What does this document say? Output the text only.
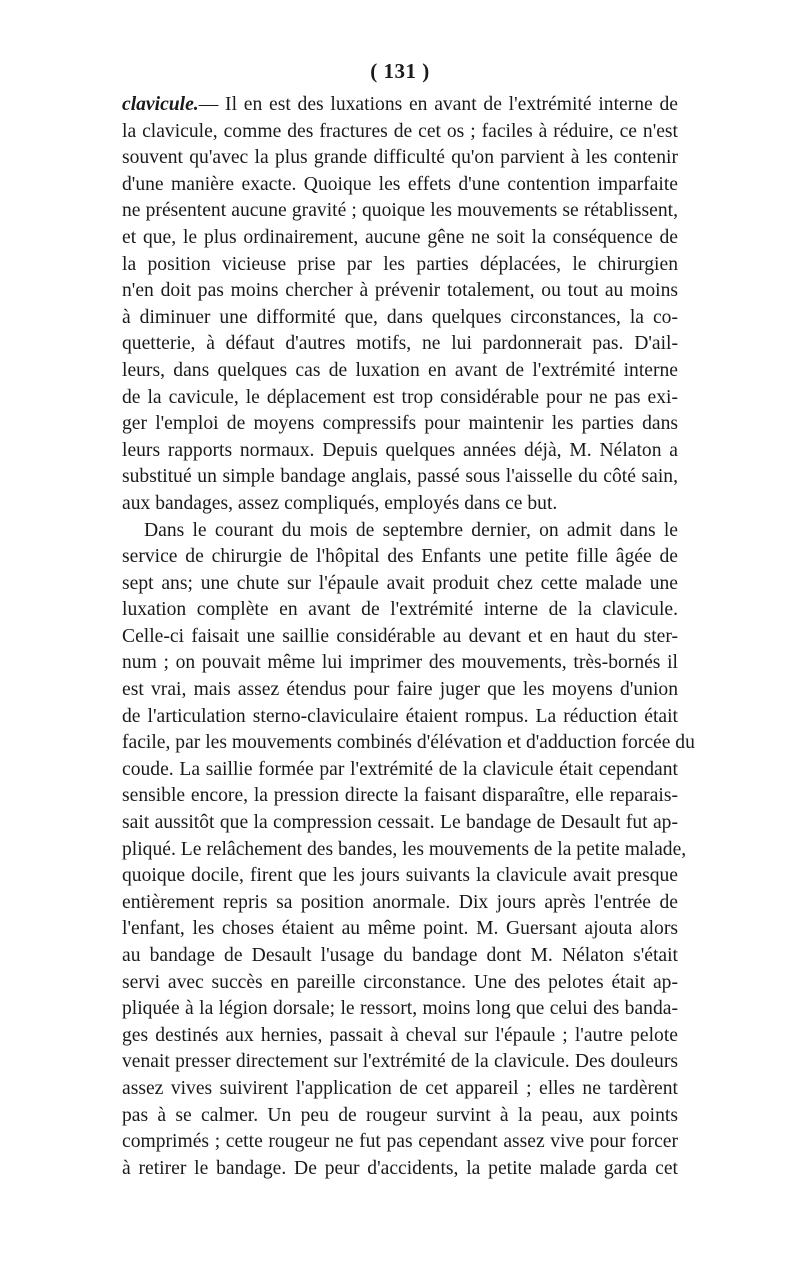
( 131 )
clavicule.— Il en est des luxations en avant de l'extrémité interne de
la clavicule, comme des fractures de cet os ; faciles à réduire, ce n'est
souvent qu'avec la plus grande difficulté qu'on parvient à les contenir
d'une manière exacte. Quoique les effets d'une contention imparfaite
ne présentent aucune gravité ; quoique les mouvements se rétablissent,
et que, le plus ordinairement, aucune gêne ne soit la conséquence de
la position vicieuse prise par les parties déplacées, le chirurgien
n'en doit pas moins chercher à prévenir totalement, ou tout au moins
à diminuer une difformité que, dans quelques circonstances, la co-
quetterie, à défaut d'autres motifs, ne lui pardonnerait pas. D'ail-
leurs, dans quelques cas de luxation en avant de l'extrémité interne
de la cavicule, le déplacement est trop considérable pour ne pas exi-
ger l'emploi de moyens compressifs pour maintenir les parties dans
leurs rapports normaux. Depuis quelques années déjà, M. Nélaton a
substitué un simple bandage anglais, passé sous l'aisselle du côté sain,
aux bandages, assez compliqués, employés dans ce but.
Dans le courant du mois de septembre dernier, on admit dans le
service de chirurgie de l'hôpital des Enfants une petite fille âgée de
sept ans; une chute sur l'épaule avait produit chez cette malade une
luxation complète en avant de l'extrémité interne de la clavicule.
Celle-ci faisait une saillie considérable au devant et en haut du ster-
num ; on pouvait même lui imprimer des mouvements, très-bornés il
est vrai, mais assez étendus pour faire juger que les moyens d'union
de l'articulation sterno-claviculaire étaient rompus. La réduction était
facile, par les mouvements combinés d'élévation et d'adduction forcée du
coude. La saillie formée par l'extrémité de la clavicule était cependant
sensible encore, la pression directe la faisant disparaître, elle reparais-
sait aussitôt que la compression cessait. Le bandage de Desault fut ap-
pliqué. Le relâchement des bandes, les mouvements de la petite malade,
quoique docile, firent que les jours suivants la clavicule avait presque
entièrement repris sa position anormale. Dix jours après l'entrée de
l'enfant, les choses étaient au même point. M. Guersant ajouta alors
au bandage de Desault l'usage du bandage dont M. Nélaton s'était
servi avec succès en pareille circonstance. Une des pelotes était ap-
pliquée à la légion dorsale; le ressort, moins long que celui des banda-
ges destinés aux hernies, passait à cheval sur l'épaule ; l'autre pelote
venait presser directement sur l'extrémité de la clavicule. Des douleurs
assez vives suivirent l'application de cet appareil ; elles ne tardèrent
pas à se calmer. Un peu de rougeur survint à la peau, aux points
comprimés ; cette rougeur ne fut pas cependant assez vive pour forcer
à retirer le bandage. De peur d'accidents, la petite malade garda cet
